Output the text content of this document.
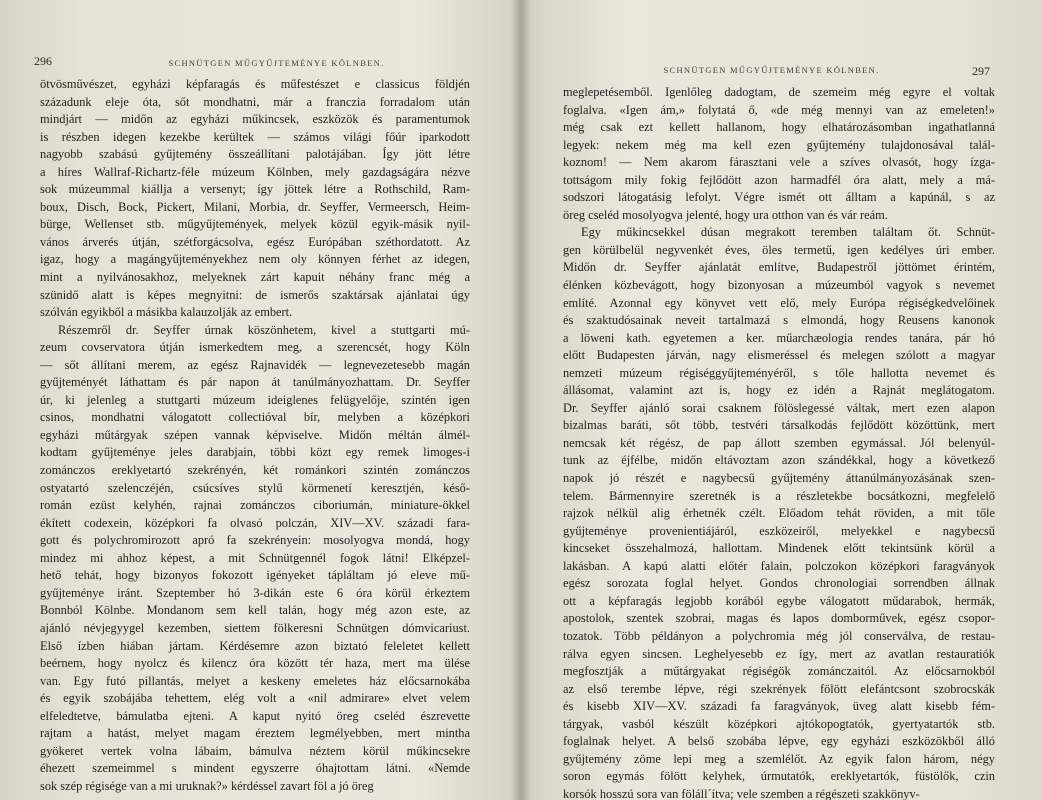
296	SCHNÜTGEN MŰGYŰJTEMÉNYE KÖLNBEN.
ötvösművészet, egyházi képfaragás és műfestészet e classicus földjén
századunk eleje óta, sőt mondhatni, már a franczia forradalom után
mindjárt — midőn az egyházi műkincsek, eszközök és paramentumok
is részben idegen kezekbe kerültek — számos világi főúr iparkodott
nagyobb szabású gyűjtemény összeállítani palotájában. Így jött létre
a híres Wallraf-Richartz-féle múzeum Kölnben, mely gazdagságára nézve
sok múzeummal kiállja a versenyt; így jöttek létre a Rothschild, Ram-
boux, Disch, Bock, Pickert, Milani, Morbia, dr. Seyffer, Vermeersch, Heim-
bürge, Wellenset stb. műgyűjtemények, melyek közül egyik-másik nyil-
vános árverés útján, szétforgácsolva, egész Európában széthordatott. Az
igaz, hogy a magángyűjteményekhez nem oly könnyen férhet az idegen,
mint a nyilvánosakhoz, melyeknek zárt kapuit néhány franc még a
szünidő alatt is képes megnyitni: de ismerős szaktársak ajánlatai úgy
szólván egyikből a másikba kalauzolják az embert.
Részemről dr. Seyffer úrnak köszönhetem, kivel a stuttgarti mú-
zeum covservatora útján ismerkedtem meg, a szerencsét, hogy Köln
— sőt állítani merem, az egész Rajnavidék — legnevezetesebb magán
gyűjteményét láthattam és pár napon át tanúlmányozhattam. Dr. Seyffer
úr, ki jelenleg a stuttgarti múzeum ideiglenes felügyelője, szintén igen
csinos, mondhatni válogatott collectióval bír, melyben a középkori
egyházi műtárgyak szépen vannak képviselve. Midőn méltán álmél-
kodtam gyűjteménye jeles darabjain, többi közt egy remek limoges-i
zománczos ereklyetartó szekrényén, két románkori szintén zománczos
ostyatartó szelenczéjén, csúcsíves stylű körmenetí keresztjén, késő-
román ezüst kelyhén, rajnai zománczos ciboriumán, miniature-ökkel
ékített codexein, középkori fa olvasó polczán, XIV—XV. századi fara-
gott és polychromirozott apró fa szekrényein: mosolyogva mondá, hogy
mindez mi ahhoz képest, a mit Schnütgennél fogok látni! Elképzel-
hető tehát, hogy bizonyos fokozott igényeket tápláltam jó eleve mű-
gyűjteménye iránt. Szeptember hó 3-dikán este 6 óra körül érkeztem
Bonnból Kölnbe. Mondanom sem kell talán, hogy még azon este, az
ajánló névjegyygel kezemben, siettem fölkeresni Schnütgen dómvicariust.
Első ízben hiában jártam. Kérdésemre azon biztató feleletet kellett
beérnem, hogy nyolcz és kilencz óra között tér haza, mert ma ülése
van. Egy futó pillantás, melyet a keskeny emeletes ház előcsarnokába
és egyik szobájába tehettem, elég volt a «nil admirare» elvet velem
elfeledtetve, bámulatba ejteni. A kaput nyitó öreg cseléd észrevette
rajtam a hatást, melyet magam éreztem legmélyebben, mert mintha
gyökeret vertek volna lábaim, bámulva néztem körül műkincsekre
éhezett szemeimmel s mindent egyszerre óhajtottam látni. «Nemde
sok szép régisége van a mi uruknak?» kérdéssel zavart föl a jó öreg
297
SCHNÜTGEN MŰGYŰJTEMÉNYE KÖLNBEN.
meglepetésemből. Igenlőleg dadogtam, de szemeim még egyre el voltak
foglalva. «Igen ám,» folytatá ő, «de még mennyi van az emeleten!»
még csak ezt kellett hallanom, hogy elhatározásomban ingathatlanná
legyek: nekem még ma kell ezen gyűjtemény tulajdonosával talál-
koznom! — Nem akarom fárasztani vele a szíves olvasót, hogy ízga-
tottságom mily fokig fejlődött azon harmadfél óra alatt, mely a má-
sodszori látogatásig lefolyt. Végre ismét ott álltam a kapúnál, s az
öreg cseléd mosolyogva jelenté, hogy ura otthon van és vár reám.
Egy műkincsekkel dúsan megrakott teremben találtam őt. Schnüt-
gen körülbelül negyvenkét éves, öles termetű, igen kedélyes úri ember.
Midőn dr. Seyffer ajánlatát említve, Budapestről jöttömet érintém,
élénken közbevágott, hogy bizonyosan a múzeumból vagyok s nevemet
említé. Azonnal egy könyvet vett elő, mely Európa régiségkedvelőinek
és szaktudósainak neveit tartalmazá s elmondá, hogy Reusens kanonok
a löweni kath. egyetemen a ker. műarchæologia rendes tanára, pár hó
előtt Budapesten járván, nagy elismeréssel és melegen szólott a magyar
nemzeti múzeum régiséggyűjteményéről, s tőle hallotta nevemet és
állásomat, valamint azt is, hogy ez idén a Rajnát meglátogatom.
Dr. Seyffer ajánló sorai csaknem fölöslegessé váltak, mert ezen alapon
bizalmas baráti, sőt több, testvéri társalkodás fejlődött közöttünk, mert
nemcsak két régész, de pap állott szemben egymással. Jól belenyúl-
tunk az éjfélbe, midőn eltávoztam azon szándékkal, hogy a következő
napok jó részét e nagybecsű gyűjtemény áttanúlmányozásának szen-
telem. Bármennyire szeretnék is a részletekbe bocsátkozni, megfelelő
rajzok nélkül alig érhetnék czélt. Előadom tehát röviden, a mit tőle
gyűjteménye provenientiájáról, eszközeiről, melyekkel e nagybecsű
kincseket összehalmozá, hallottam. Mindenek előtt tekintsünk körül a
lakásban. A kapú alatti előtér falain, polczokon középkori faragványok
egész sorozata foglal helyet. Gondos chronologiai sorrendben állnak
ott a képfaragás legjobb korából egybe válogatott műdarabok, hermák,
apostolok, szentek szobrai, magas és lapos domborművek, egész csopor-
tozatok. Több példányon a polychromia még jól conserválva, de restau-
rálva egyen sincsen. Leghelyesebb ez így, mert az avatlan restauratiók
megfosztják a műtárgyakat régiségök zománczaitól. Az előcsarnokból
az első terembe lépve, régi szekrények fölött elefántcsont szobrocskák
és kisebb XIV—XV. századi fa faragványok, üveg alatt kisebb fém-
tárgyak, vasból készült középkori ajtókopogtatók, gyertyatartók stb.
foglalnak helyet. A belső szobába lépve, egy egyházi eszközökből álló
gyűjtemény zöme lepi meg a szemlélőt. Az egyik falon három, négy
soron egymás fölött kelyhek, úrmutatók, ereklyetartók, füstölők, czin
korsók hosszú sora van föláll´ítva; vele szemben a régészeti szakkönyv-
